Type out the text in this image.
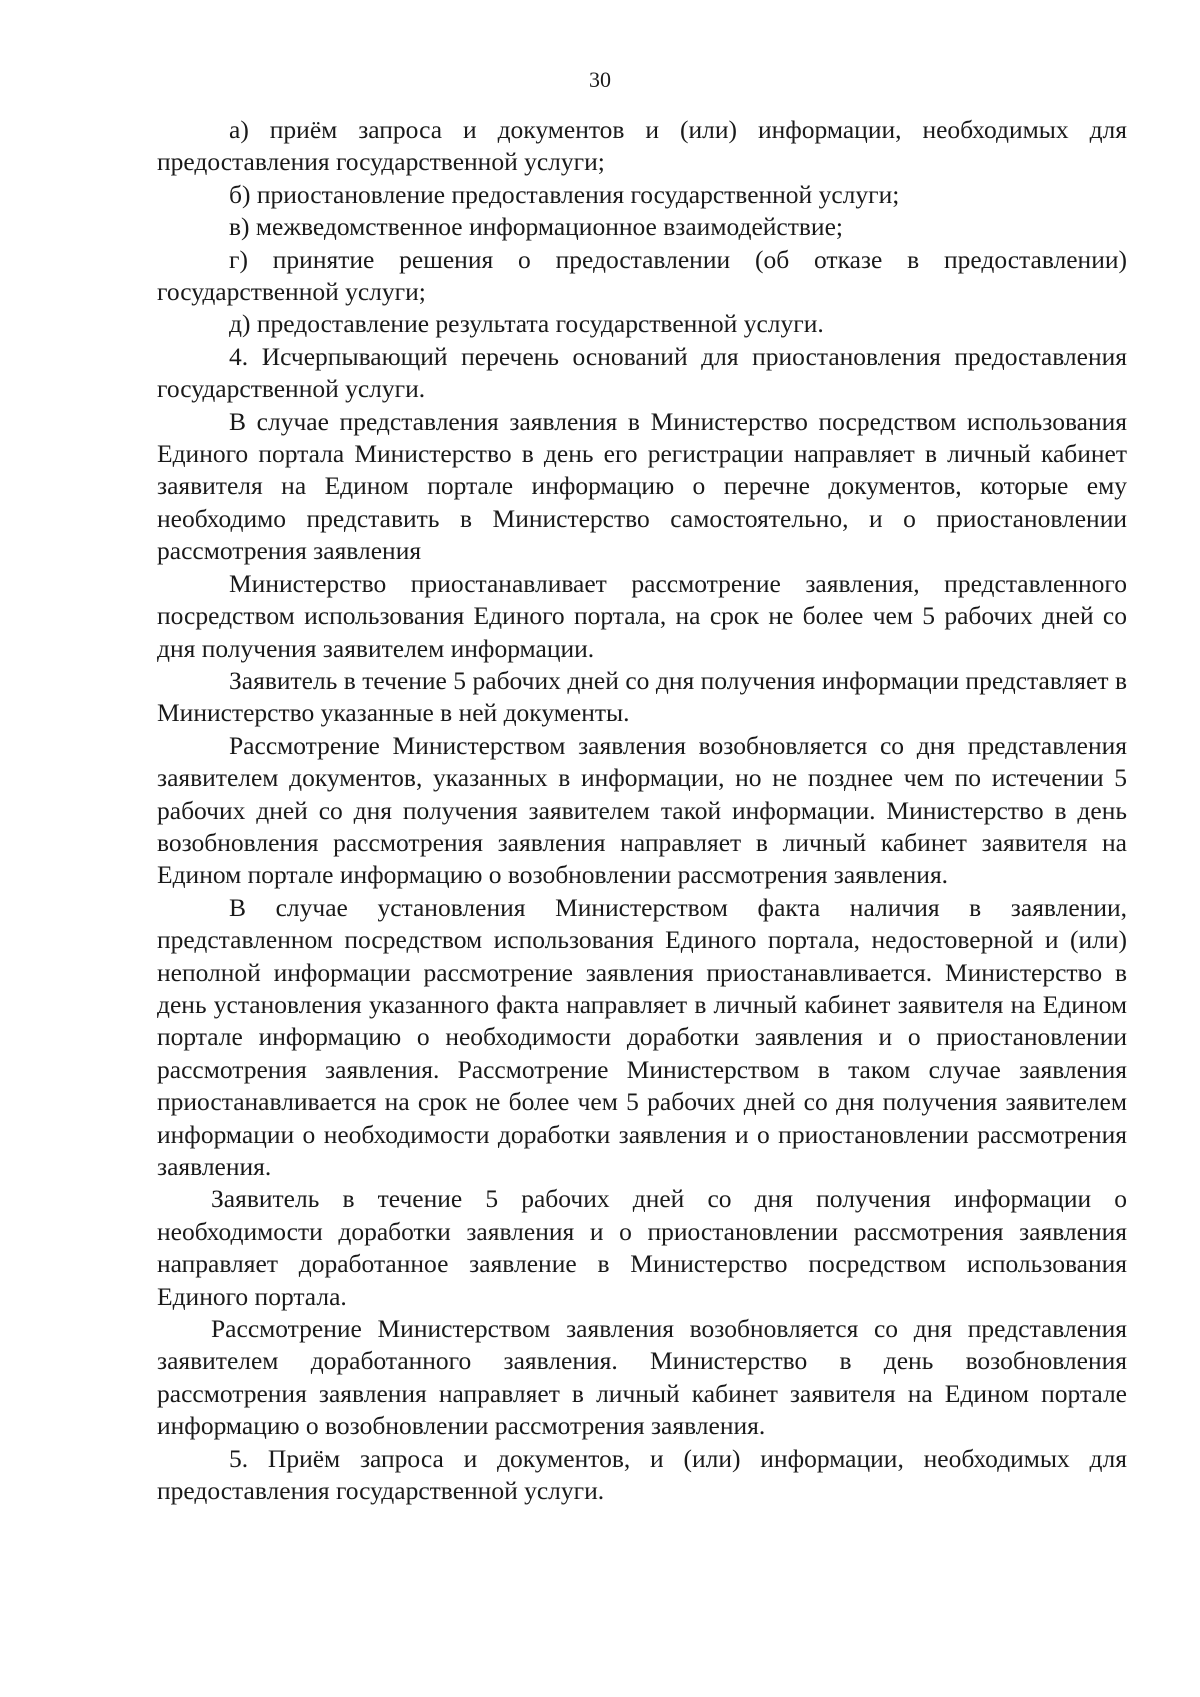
30

а) приём запроса и документов и (или) информации, необходимых для предоставления государственной услуги;

б) приостановление предоставления государственной услуги;

в) межведомственное информационное взаимодействие;

г) принятие решения о предоставлении (об отказе в предоставлении) государственной услуги;

д) предоставление результата государственной услуги.

4. Исчерпывающий перечень оснований для приостановления предоставления государственной услуги.

В случае представления заявления в Министерство посредством использования Единого портала Министерство в день его регистрации направляет в личный кабинет заявителя на Едином портале информацию о перечне документов, которые ему необходимо представить в Министерство самостоятельно, и о приостановлении рассмотрения заявления

Министерство приостанавливает рассмотрение заявления, представленного посредством использования Единого портала, на срок не более чем 5 рабочих дней со дня получения заявителем информации.

Заявитель в течение 5 рабочих дней со дня получения информации представляет в Министерство указанные в ней документы.

Рассмотрение Министерством заявления возобновляется со дня представления заявителем документов, указанных в информации, но не позднее чем по истечении 5 рабочих дней со дня получения заявителем такой информации. Министерство в день возобновления рассмотрения заявления направляет в личный кабинет заявителя на Едином портале информацию о возобновлении рассмотрения заявления.

В случае установления Министерством факта наличия в заявлении, представленном посредством использования Единого портала, недостоверной и (или) неполной информации рассмотрение заявления приостанавливается. Министерство в день установления указанного факта направляет в личный кабинет заявителя на Едином портале информацию о необходимости доработки заявления и о приостановлении рассмотрения заявления. Рассмотрение Министерством в таком случае заявления приостанавливается на срок не более чем 5 рабочих дней со дня получения заявителем информации о необходимости доработки заявления и о приостановлении рассмотрения заявления.

Заявитель в течение 5 рабочих дней со дня получения информации о необходимости доработки заявления и о приостановлении рассмотрения заявления направляет доработанное заявление в Министерство посредством использования Единого портала.

Рассмотрение Министерством заявления возобновляется со дня представления заявителем доработанного заявления. Министерство в день возобновления рассмотрения заявления направляет в личный кабинет заявителя на Едином портале информацию о возобновлении рассмотрения заявления.

5. Приём запроса и документов, и (или) информации, необходимых для предоставления государственной услуги.
